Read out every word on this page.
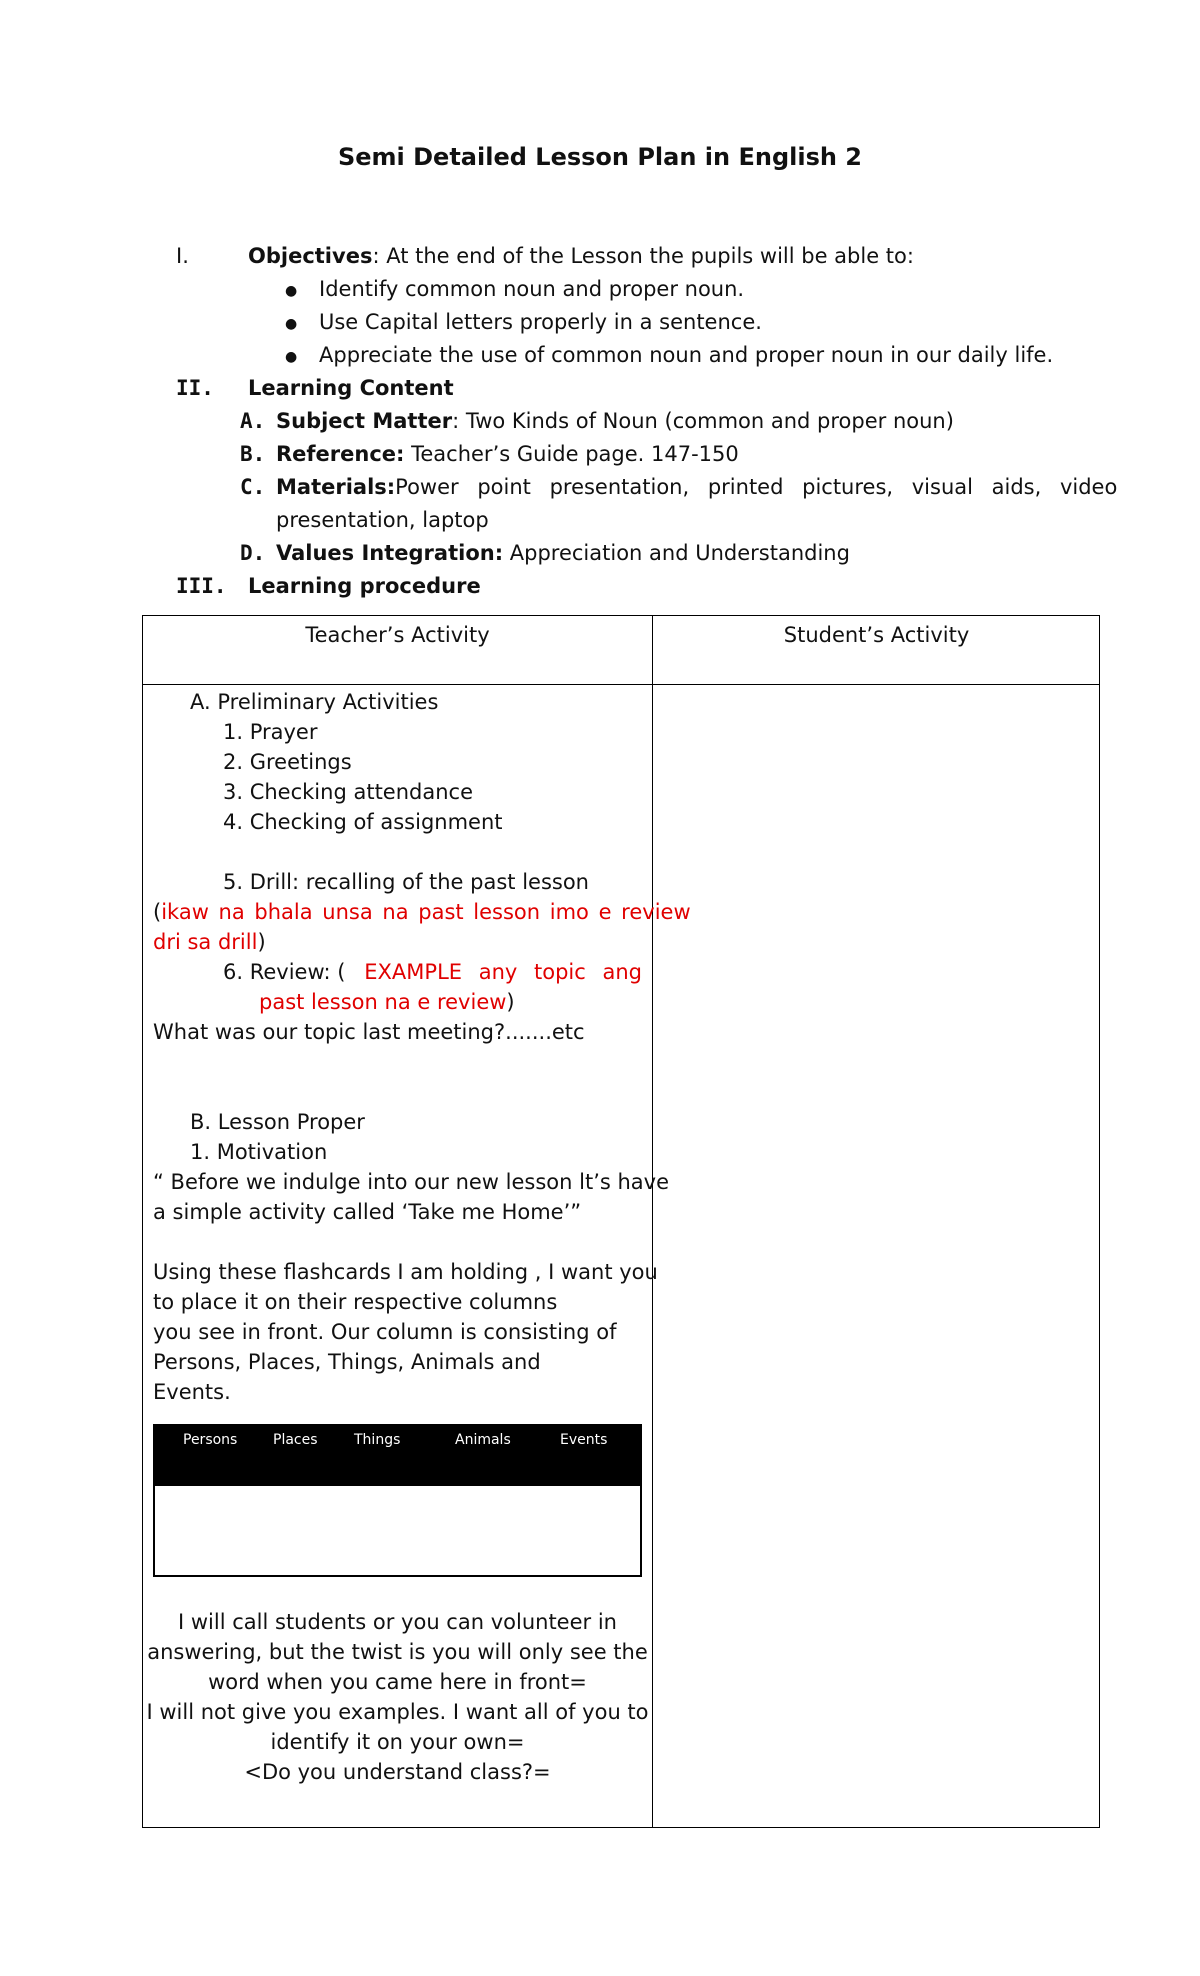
Semi Detailed Lesson Plan in English 2
I.	Objectives: At the end of the Lesson the pupils will be able to:
● Identify common noun and proper noun.
● Use Capital letters properly in a sentence.
● Appreciate the use of common noun and proper noun in our daily life.
II. Learning Content
A. Subject Matter: Two Kinds of Noun (common and proper noun)
B. Reference: Teacher’s Guide page. 147-150
C. Materials: Power point presentation, printed pictures, visual aids, video
presentation, laptop
D. Values Integration: Appreciation and Understanding
III. Learning procedure
Teacher’s Activity	Student’s Activity
A. Preliminary Activities
1. Prayer
2. Greetings
3. Checking attendance
4. Checking of assignment
5. Drill: recalling of the past lesson
( ikaw na bhala unsa na past lesson imo e review
dri sa drill)
6. Review: ( EXAMPLE any topic ang
past lesson na e review)
What was our topic last meeting?.......etc
B. Lesson Proper
1. Motivation
“ Before we indulge into our new lesson lt’s have
a simple activity called ‘Take me Home’”
Using these flashcards I am holding , I want you
to place it on their respective columns
you see in front. Our column is consisting of
Persons, Places, Things, Animals and
Events.
Persons	Places	Things	Animals	Events
I will call students or you can volunteer in
answering, but the twist is you will only see the
word when you came here in front=
I will not give you examples. I want all of you to
identify it on your own=
<Do you understand class?=
